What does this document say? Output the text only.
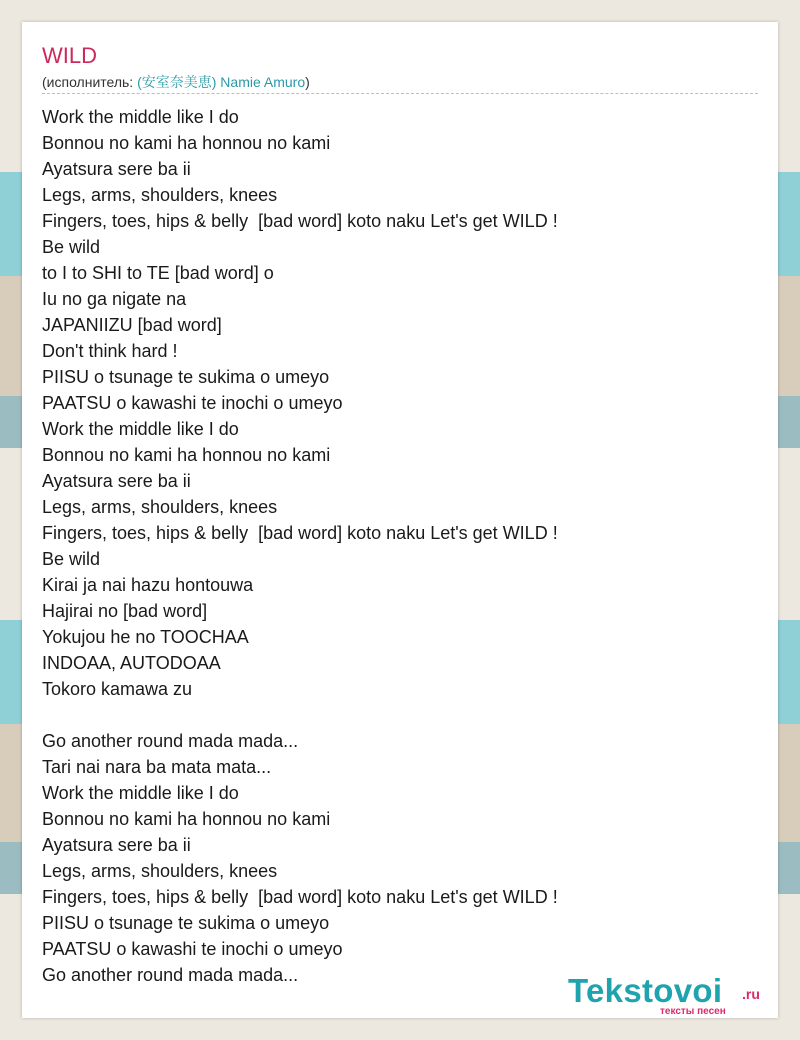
WILD
(исполнитель: (安室奈美恵) Namie Amuro)
Work the middle like I do
Bonnou no kami ha honnou no kami
Ayatsura sere ba ii
Legs, arms, shoulders, knees
Fingers, toes, hips & belly  [bad word] koto naku Let's get WILD !
Be wild
to I to SHI to TE [bad word] o
Iu no ga nigate na
JAPANIIZU [bad word]
Don't think hard !
PIISU o tsunage te sukima o umeyo
PAATSU o kawashi te inochi o umeyo
Work the middle like I do
Bonnou no kami ha honnou no kami
Ayatsura sere ba ii
Legs, arms, shoulders, knees
Fingers, toes, hips & belly  [bad word] koto naku Let's get WILD !
Be wild
Kirai ja nai hazu hontouwa
Hajirai no [bad word]
Yokujou he no TOOCHAA
INDOAA, AUTODOAA
Tokoro kamawa zu
Go another round mada mada...
Tari nai nara ba mata mata...
Work the middle like I do
Bonnou no kami ha honnou no kami
Ayatsura sere ba ii
Legs, arms, shoulders, knees
Fingers, toes, hips & belly  [bad word] koto naku Let's get WILD !
PIISU o tsunage te sukima o umeyo
PAATSU o kawashi te inochi o umeyo
Go another round mada mada...	Tekstovoi .ru
тексты песен
